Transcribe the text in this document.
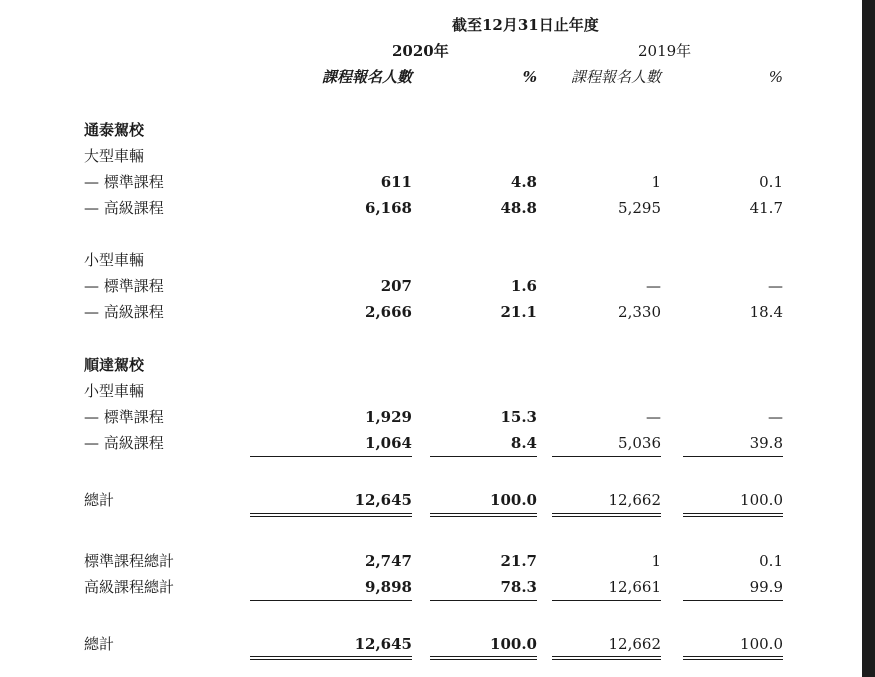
截至12月31日止年度
2020年	2019年
課程報名人數	%	課程報名人數	%
通泰駕校
大型車輛
— 標準課程	611	4.8	1	0.1
— 高級課程	6,168	48.8	5,295	41.7
小型車輛
— 標準課程	207	1.6	—	—
— 高級課程	2,666	21.1	2,330	18.4
順達駕校
小型車輛
— 標準課程	1,929	15.3	—	—
— 高級課程	1,064	8.4	5,036	39.8
總計	12,645	100.0	12,662	100.0
標準課程總計	2,747	21.7	1	0.1
高級課程總計	9,898	78.3	12,661	99.9
總計	12,645	100.0	12,662	100.0
